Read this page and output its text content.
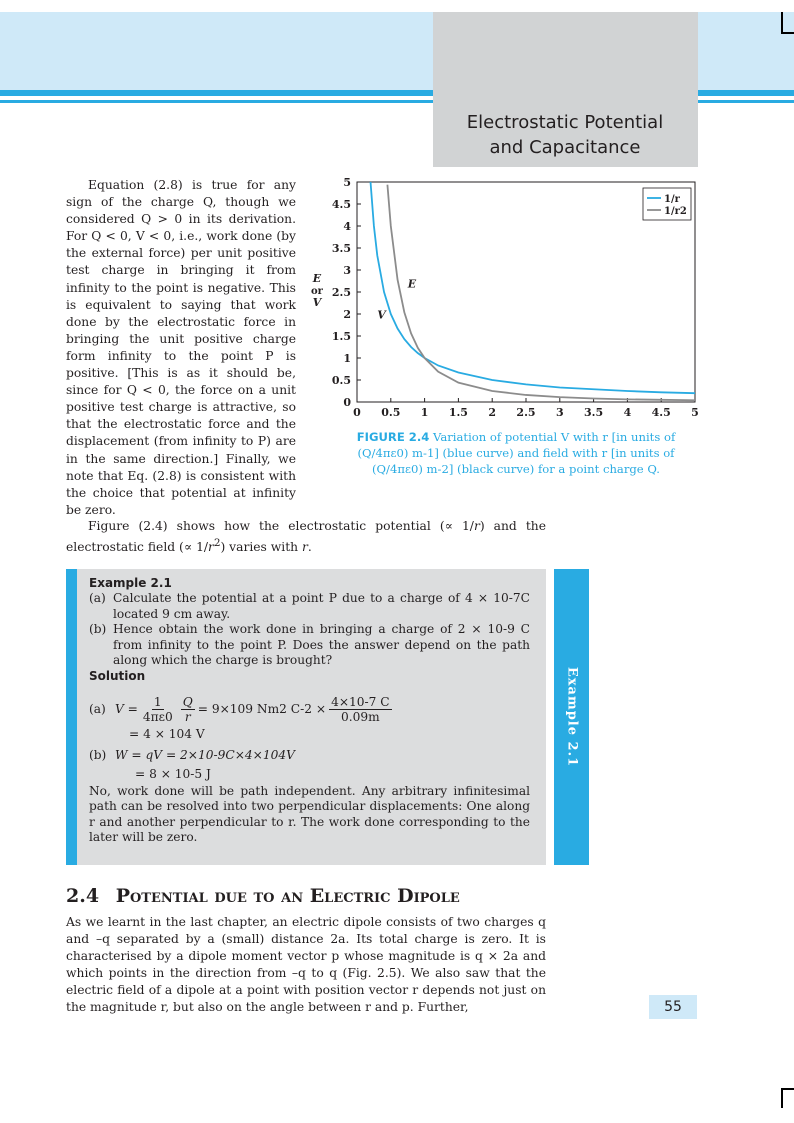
Electrostatic Potential
and Capacitance

Equation (2.8) is true for any sign of the charge Q, though we considered Q > 0 in its derivation. For Q < 0, V < 0, i.e., work done (by the external force) per unit positive test charge in bringing it from infinity to the point is negative. This is equivalent to saying that work done by the electrostatic force in bringing the unit positive charge form infinity to the point P is positive. [This is as it should be, since for Q < 0, the force on a unit positive test charge is attractive, so that the electrostatic force and the displacement (from infinity to P) are in the same direction.] Finally, we note that Eq. (2.8) is consistent with the choice that potential at infinity be zero.

0 0.5 1 1.5 2 2.5 3 3.5 4 4.5 5
0
0.5
1
1.5
2
2.5
3
3.5
4
4.5
5
E
or
V
E
V
1/r
1/r2

FIGURE 2.4 Variation of potential V with r [in units of (Q/4πε0) m-1] (blue curve) and field with r [in units of (Q/4πε0) m-2] (black curve) for a point charge Q.

Figure (2.4) shows how the electrostatic potential (∝ 1/r) and the electrostatic field (∝ $1/r^2$) varies with r.

Example 2.1
Example 2.1
(a) Calculate the potential at a point P due to a charge of 4 × 10-7C located 9 cm away.
(b) Hence obtain the work done in bringing a charge of 2 × 10-9 C from infinity to the point P. Does the answer depend on the path along which the charge is brought?
Solution
(a) $V = \frac{1}{4\pi\varepsilon 0} \frac{Q}{r} = 9\times 109$ Nm2 $C-2 \times \frac{4\times 10-7 C}{0.09m}$
= 4 × 104 V
(b) W = qV = 2×10-9C×4×104V
= 8 × 10-5 J
No, work done will be path independent. Any arbitrary infinitesimal path can be resolved into two perpendicular displacements: One along r and another perpendicular to r. The work done corresponding to the later will be zero.
2.4 Potential due to an Electric Dipole

As we learnt in the last chapter, an electric dipole consists of two charges q and –q separated by a (small) distance 2a. Its total charge is zero. It is characterised by a dipole moment vector p whose magnitude is q × 2a and which points in the direction from –q to q (Fig. 2.5). We also saw that the electric field of a dipole at a point with position vector r depends not just on the magnitude r, but also on the angle between r and p. Further,	55
